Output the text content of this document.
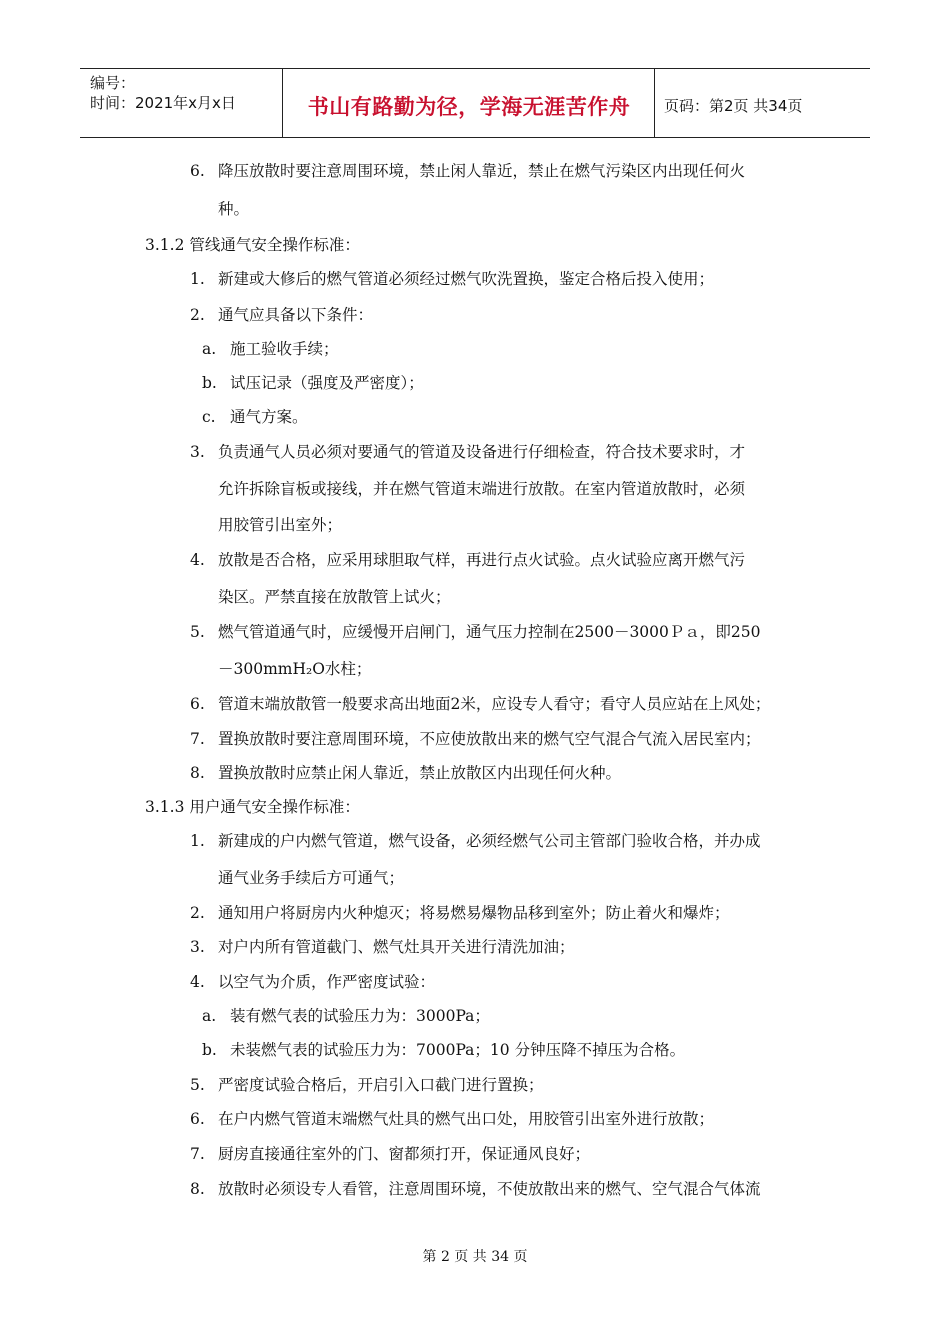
编号：
时间：2021年x月x日	书山有路勤为径，学海无涯苦作舟	页码：第2页 共34页
6. 降压放散时要注意周围环境，禁止闲人靠近，禁止在燃气污染区内出现任何火
种。
3.1.2 管线通气安全操作标准：
1. 新建或大修后的燃气管道必须经过燃气吹洗置换，鉴定合格后投入使用；
2. 通气应具备以下条件：
a. 施工验收手续；
b. 试压记录（强度及严密度）；
c. 通气方案。
3. 负责通气人员必须对要通气的管道及设备进行仔细检查，符合技术要求时，才
允许拆除盲板或接线，并在燃气管道末端进行放散。在室内管道放散时，必须
用胶管引出室外；
4. 放散是否合格，应采用球胆取气样，再进行点火试验。点火试验应离开燃气污
染区。严禁直接在放散管上试火；
5. 燃气管道通气时，应缓慢开启闸门，通气压力控制在2500－3000Ｐａ，即250
－300mmH₂O水柱；
6. 管道末端放散管一般要求高出地面2米，应设专人看守；看守人员应站在上风处；
7. 置换放散时要注意周围环境，不应使放散出来的燃气空气混合气流入居民室内；
8. 置换放散时应禁止闲人靠近，禁止放散区内出现任何火种。
3.1.3 用户通气安全操作标准：
1. 新建成的户内燃气管道，燃气设备，必须经燃气公司主管部门验收合格，并办成
通气业务手续后方可通气；
2. 通知用户将厨房内火种熄灭；将易燃易爆物品移到室外；防止着火和爆炸；
3. 对户内所有管道截门、燃气灶具开关进行清洗加油；
4. 以空气为介质，作严密度试验：
a. 装有燃气表的试验压力为：3000Pa；
b. 未装燃气表的试验压力为：7000Pa；10 分钟压降不掉压为合格。
5. 严密度试验合格后，开启引入口截门进行置换；
6. 在户内燃气管道末端燃气灶具的燃气出口处，用胶管引出室外进行放散；
7. 厨房直接通往室外的门、窗都须打开，保证通风良好；
8. 放散时必须设专人看管，注意周围环境，不使放散出来的燃气、空气混合气体流
第 2 页 共 34 页
